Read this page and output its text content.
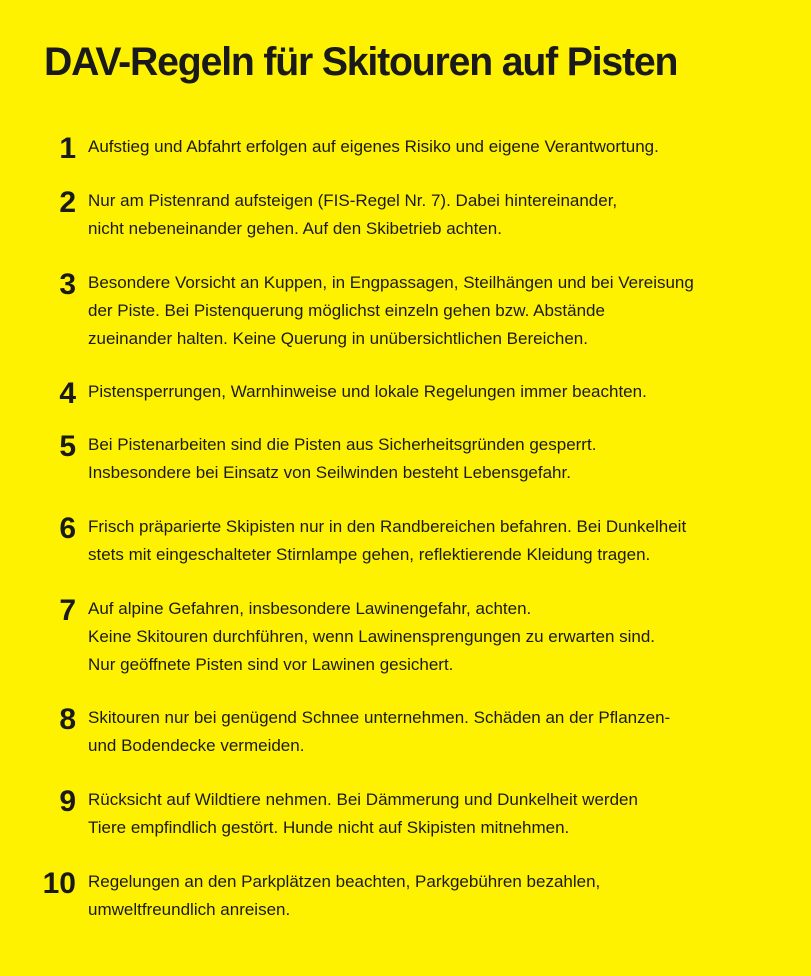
DAV-Regeln für Skitouren auf Pisten
1 Aufstieg und Abfahrt erfolgen auf eigenes Risiko und eigene Verantwortung.
2 Nur am Pistenrand aufsteigen (FIS-Regel Nr. 7). Dabei hintereinander,
nicht nebeneinander gehen. Auf den Skibetrieb achten.
3 Besondere Vorsicht an Kuppen, in Engpassagen, Steilhängen und bei Vereisung
der Piste. Bei Pistenquerung möglichst einzeln gehen bzw. Abstände
zueinander halten. Keine Querung in unübersichtlichen Bereichen.
4 Pistensperrungen, Warnhinweise und lokale Regelungen immer beachten.
5 Bei Pistenarbeiten sind die Pisten aus Sicherheitsgründen gesperrt.
Insbesondere bei Einsatz von Seilwinden besteht Lebensgefahr.
6 Frisch präparierte Skipisten nur in den Randbereichen befahren. Bei Dunkelheit
stets mit eingeschalteter Stirnlampe gehen, reflektierende Kleidung tragen.
7 Auf alpine Gefahren, insbesondere Lawinengefahr, achten.
Keine Skitouren durchführen, wenn Lawinensprengungen zu erwarten sind.
Nur geöffnete Pisten sind vor Lawinen gesichert.
8 Skitouren nur bei genügend Schnee unternehmen. Schäden an der Pflanzen-
und Bodendecke vermeiden.
9 Rücksicht auf Wildtiere nehmen. Bei Dämmerung und Dunkelheit werden
Tiere empfindlich gestört. Hunde nicht auf Skipisten mitnehmen.
10 Regelungen an den Parkplätzen beachten, Parkgebühren bezahlen,
umweltfreundlich anreisen.
